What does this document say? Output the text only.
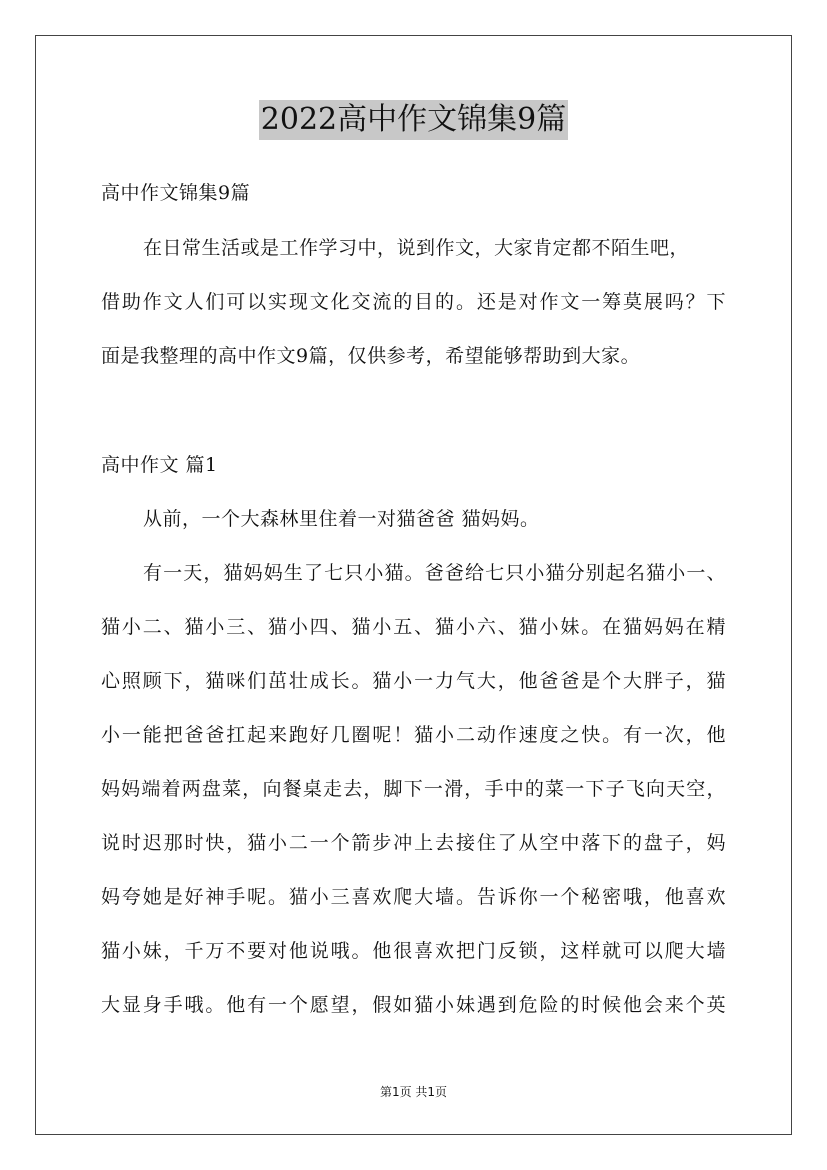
2022高中作文锦集9篇
高中作文锦集9篇
在日常生活或是工作学习中，说到作文，大家肯定都不陌生吧，
借助作文人们可以实现文化交流的目的。还是对作文一筹莫展吗？下
面是我整理的高中作文9篇，仅供参考，希望能够帮助到大家。
高中作文 篇1
从前，一个大森林里住着一对猫爸爸 猫妈妈。
有一天，猫妈妈生了七只小猫。爸爸给七只小猫分别起名猫小一、
猫小二、猫小三、猫小四、猫小五、猫小六、猫小妹。在猫妈妈在精
心照顾下，猫咪们茁壮成长。猫小一力气大，他爸爸是个大胖子，猫
小一能把爸爸扛起来跑好几圈呢！猫小二动作速度之快。有一次，他
妈妈端着两盘菜，向餐桌走去，脚下一滑，手中的菜一下子飞向天空，
说时迟那时快，猫小二一个箭步冲上去接住了从空中落下的盘子，妈
妈夸她是好神手呢。猫小三喜欢爬大墙。告诉你一个秘密哦，他喜欢
猫小妹，千万不要对他说哦。他很喜欢把门反锁，这样就可以爬大墙
大显身手哦。他有一个愿望，假如猫小妹遇到危险的时候他会来个英
第1页 共1页
